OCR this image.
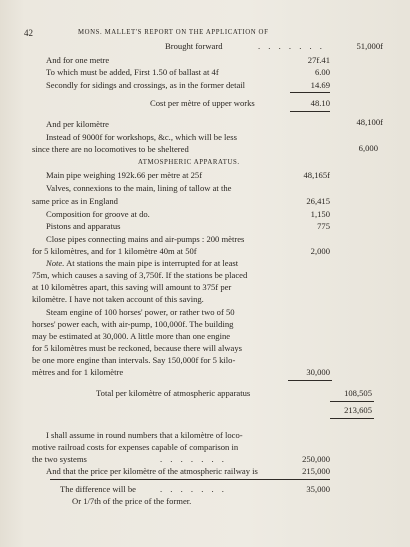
42	MONS. MALLET'S REPORT ON THE APPLICATION OF
Brought forward	. . . . . . .	51,000f
And for one metre	27f.41
To which must be added, First 1.50 of ballast at 4f	6.00
Secondly for sidings and crossings, as in the former detail	14.69
Cost per mètre of upper works	48.10
And per kilomètre	48,100f
Instead of 9000f for workshops, &c., which will be less
since there are no locomotives to be sheltered	6,000
ATMOSPHERIC APPARATUS.
Main pipe weighing 192k.66 per mètre at 25f	48,165f
Valves, connexions to the main, lining of tallow at the
same price as in England	26,415
Composition for groove at do.	1,150
Pistons and apparatus	775
Close pipes connecting mains and air-pumps : 200 mètres
for 5 kilomètres, and for 1 kilomètre 40m at 50f	2,000
Note. At stations the main pipe is interrupted for at least
75m, which causes a saving of 3,750f. If the stations be placed
at 10 kilomètres apart, this saving will amount to 375f per
kilomètre. I have not taken account of this saving.
Steam engine of 100 horses' power, or rather two of 50
horses' power each, with air-pump, 100,000f. The building
may be estimated at 30,000. A little more than one engine
for 5 kilomètres must be reckoned, because there will always
be one more engine than intervals. Say 150,000f for 5 kilo-
mètres and for 1 kilomètre	30,000
Total per kilomètre of atmospheric apparatus	108,505
213,605
I shall assume in round numbers that a kilomètre of loco-
motive railroad costs for expenses capable of comparison in
the two systems	. . . . . . .	250,000
And that the price per kilomètre of the atmospheric railway is	215,000
The difference will be	. . . . . . .	35,000
Or 1/7th of the price of the former.
